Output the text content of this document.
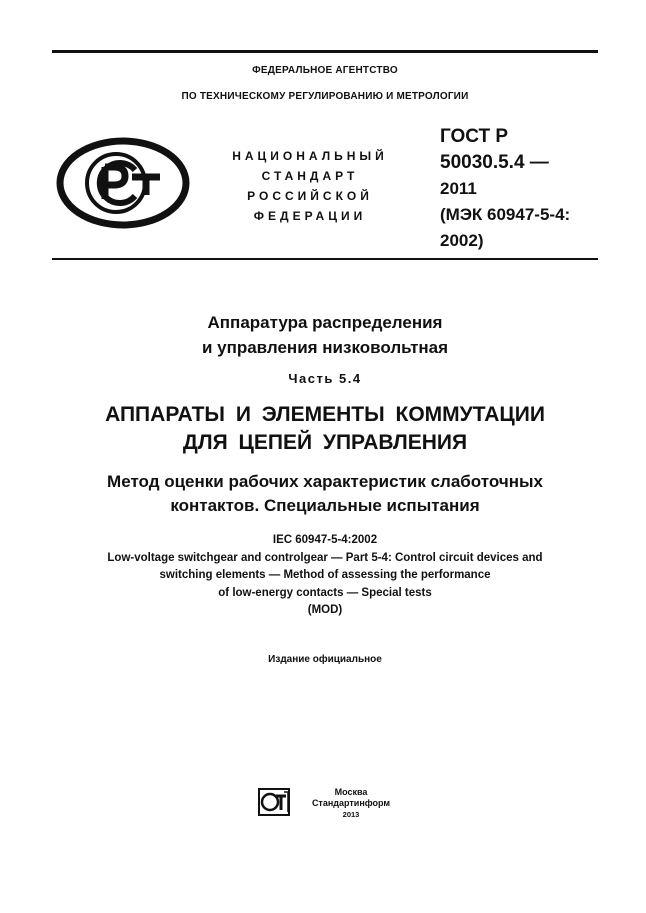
ФЕДЕРАЛЬНОЕ АГЕНТСТВО
ПО ТЕХНИЧЕСКОМУ РЕГУЛИРОВАНИЮ И МЕТРОЛОГИИ
НАЦИОНАЛЬНЫЙ
СТАНДАРТ
РОССИЙСКОЙ
ФЕДЕРАЦИИ
ГОСТ Р
50030.5.4 —
2011
(МЭК 60947-5-4:
2002)
Аппаратура распределения
и управления низковольтная
Часть 5.4
АППАРАТЫ И ЭЛЕМЕНТЫ КОММУТАЦИИ
ДЛЯ ЦЕПЕЙ УПРАВЛЕНИЯ
Метод оценки рабочих характеристик слаботочных
контактов. Специальные испытания
IEC 60947-5-4:2002
Low-voltage switchgear and controlgear — Part 5-4: Control circuit devices and
switching elements — Method of assessing the performance
of low-energy contacts — Special tests
(MOD)
Издание официальное
Москва
Стандартинформ
2013
